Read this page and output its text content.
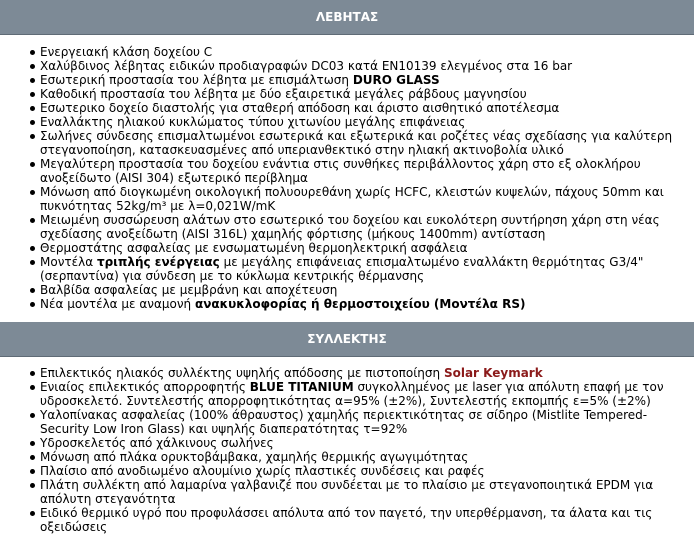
ΛΕΒΗΤΑΣ
Ενεργειακή κλάση δοχείου C
Χαλύβδινος λέβητας ειδικών προδιαγραφών DC03 κατά EN10139 ελεγμένος στα 16 bar
Εσωτερική προστασία του λέβητα με επισμάλτωση DURO GLASS
Καθοδική προστασία του λέβητα με δύο εξαιρετικά μεγάλες ράβδους μαγνησίου
Εσωτερικο δοχείο διαστολής για σταθερή απόδοση και άριστο αισθητικό αποτέλεσμα
Εναλλάκτης ηλιακού κυκλώματος τύπου χιτωνίου μεγάλης επιφάνειας
Σωλήνες σύνδεσης επισμαλτωμένοι εσωτερικά και εξωτερικά και ροζέτες νέας σχεδίασης για καλύτερη στεγανοποίηση, κατασκευασμένες από υπεριανθεκτικό στην ηλιακή ακτινοβολία υλικό
Μεγαλύτερη προστασία του δοχείου ενάντια στις συνθήκες περιβάλλοντος χάρη στο εξ ολοκλήρου ανοξείδωτο (AISI 304) εξωτερικό περίβλημα
Μόνωση από διογκωμένη οικολογική πολυουρεθάνη χωρίς HCFC, κλειστών κυψελών, πάχους 50mm και πυκνότητας 52kg/m³ με λ=0,021W/mK
Μειωμένη συσσώρευση αλάτων στο εσωτερικό του δοχείου και ευκολότερη συντήρηση χάρη στη νέας σχεδίασης ανοξείδωτη (AISI 316L) χαμηλής φόρτισης (μήκους 1400mm) αντίσταση
Θερμοστάτης ασφαλείας με ενσωματωμένη θερμοηλεκτρική ασφάλεια
Μοντέλα τριπλής ενέργειας με μεγάλης επιφάνειας επισμαλτωμένο εναλλάκτη θερμότητας G3/4" (σερπαντίνα) για σύνδεση με το κύκλωμα κεντρικής θέρμανσης
Βαλβίδα ασφαλείας με μεμβράνη και αποχέτευση
Νέα μοντέλα με αναμονή ανακυκλοφορίας ή θερμοστοιχείου (Μοντέλα RS)
ΣΥΛΛΕΚΤΗΣ
Επιλεκτικός ηλιακός συλλέκτης υψηλής απόδοσης με πιστοποίηση Solar Keymark
Ενιαίος επιλεκτικός απορροφητής BLUE TITANIUM συγκολλημένος με laser για απόλυτη επαφή με τον υδροσκελετό. Συντελεστής απορροφητικότητας α=95% (±2%), Συντελεστής εκπομπής ε=5% (±2%)
Υαλοπίνακας ασφαλείας (100% άθραυστος) χαμηλής περιεκτικότητας σε σίδηρο (Mistlite Tempered-Security Low Iron Glass) και υψηλής διαπερατότητας τ=92%
Υδροσκελετός από χάλκινους σωλήνες
Μόνωση από πλάκα ορυκτοβάμβακα, χαμηλής θερμικής αγωγιμότητας
Πλαίσιο από ανοδιωμένο αλουμίνιο χωρίς πλαστικές συνδέσεις και ραφές
Πλάτη συλλέκτη από λαμαρίνα γαλβανιζέ που συνδέεται με το πλαίσιο με στεγανοποιητικά EPDM για απόλυτη στεγανότητα
Ειδικό θερμικό υγρό που προφυλάσσει απόλυτα από τον παγετό, την υπερθέρμανση, τα άλατα και τις οξειδώσεις
